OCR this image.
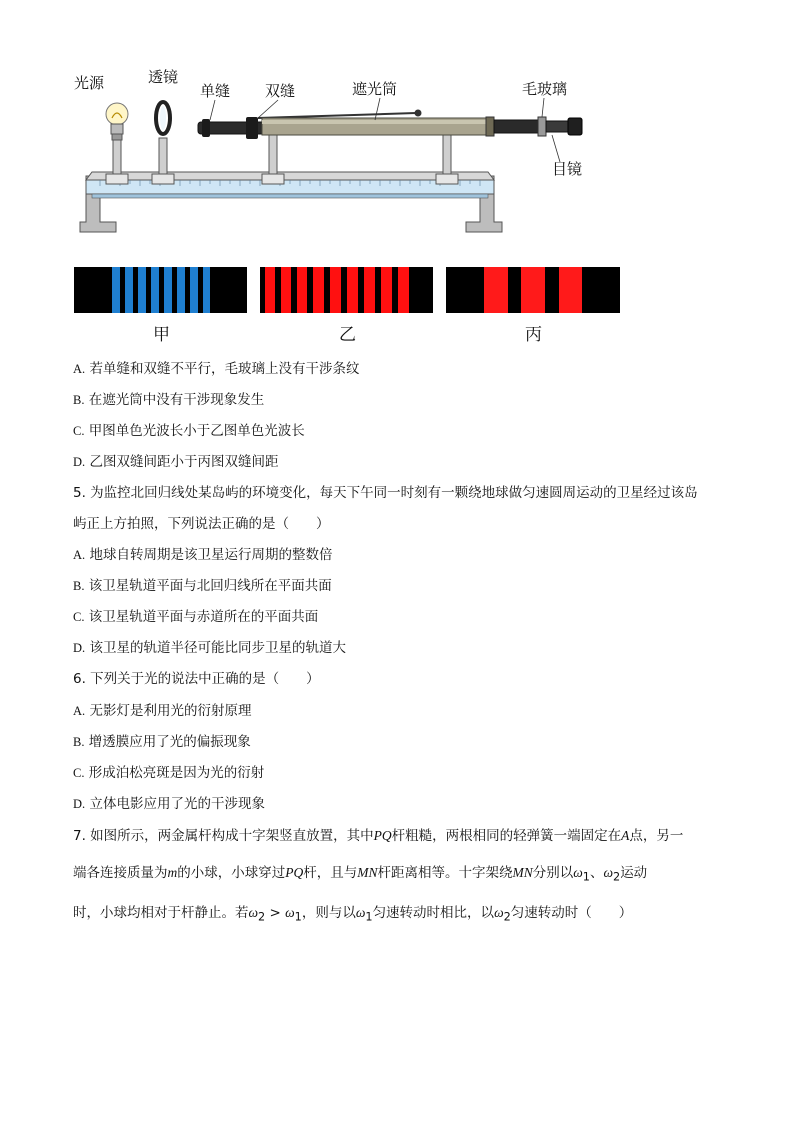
光源	透镜
单缝 双缝	遮光筒	毛玻璃
目镜
甲	乙	丙
A. 若单缝和双缝不平行，毛玻璃上没有干涉条纹
B. 在遮光筒中没有干涉现象发生
C. 甲图单色光波长小于乙图单色光波长
D. 乙图双缝间距小于丙图双缝间距
5. 为监控北回归线处某岛屿的环境变化，每天下午同一时刻有一颗绕地球做匀速圆周运动的卫星经过该岛
屿正上方拍照，下列说法正确的是（　　）
A. 地球自转周期是该卫星运行周期的整数倍
B. 该卫星轨道平面与北回归线所在平面共面
C. 该卫星轨道平面与赤道所在的平面共面
D. 该卫星的轨道半径可能比同步卫星的轨道大
6. 下列关于光的说法中正确的是（　　）
A. 无影灯是利用光的衍射原理
B. 增透膜应用了光的偏振现象
C. 形成泊松亮斑是因为光的衍射
D. 立体电影应用了光的干涉现象
7. 如图所示，两金属杆构成十字架竖直放置，其中PQ杆粗糙，两根相同的轻弹簧一端固定在A点，另一
端各连接质量为m的小球，小球穿过PQ杆，且与MN杆距离相等。十字架绕MN分别以$\omega_1$、$\omega_2$运动
时，小球均相对于杆静止。若$\omega_2 > \omega_1$，则与以$\omega_1$匀速转动时相比，以$\omega_2$匀速转动时（　　）
